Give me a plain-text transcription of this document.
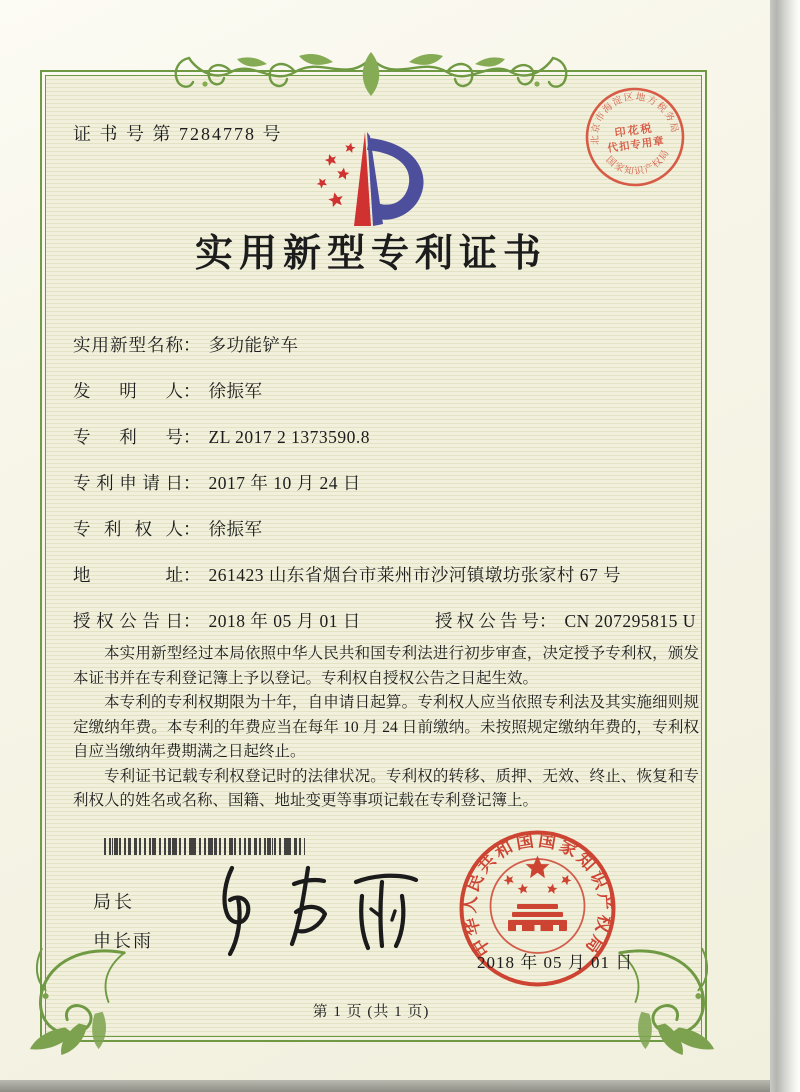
证 书 号 第 7284778 号	北京市海淀区地方税务局
国家知识产权局
印花税
代扣专用章
实用新型专利证书
实用新型名称： 多功能铲车
发明人： 徐振军
专利号： ZL 2017 2 1373590.8
专利申请日： 2017 年 10 月 24 日
专利权人： 徐振军
地址： 261423 山东省烟台市莱州市沙河镇墩坊张家村 67 号
授权公告日： 2018 年 05 月 01 日	授权公告号： CN 207295815 U

本实用新型经过本局依照中华人民共和国专利法进行初步审查，决定授予专利权，颁发本证书并在专利登记簿上予以登记。专利权自授权公告之日起生效。

本专利的专利权期限为十年，自申请日起算。专利权人应当依照专利法及其实施细则规定缴纳年费。本专利的年费应当在每年 10 月 24 日前缴纳。未按照规定缴纳年费的，专利权自应当缴纳年费期满之日起终止。

专利证书记载专利权登记时的法律状况。专利权的转移、质押、无效、终止、恢复和专利权人的姓名或名称、国籍、地址变更等事项记载在专利登记簿上。

局长
申长雨	中华人民共和国国家知识产权局
2018 年 05 月 01 日
第 1 页 (共 1 页)
